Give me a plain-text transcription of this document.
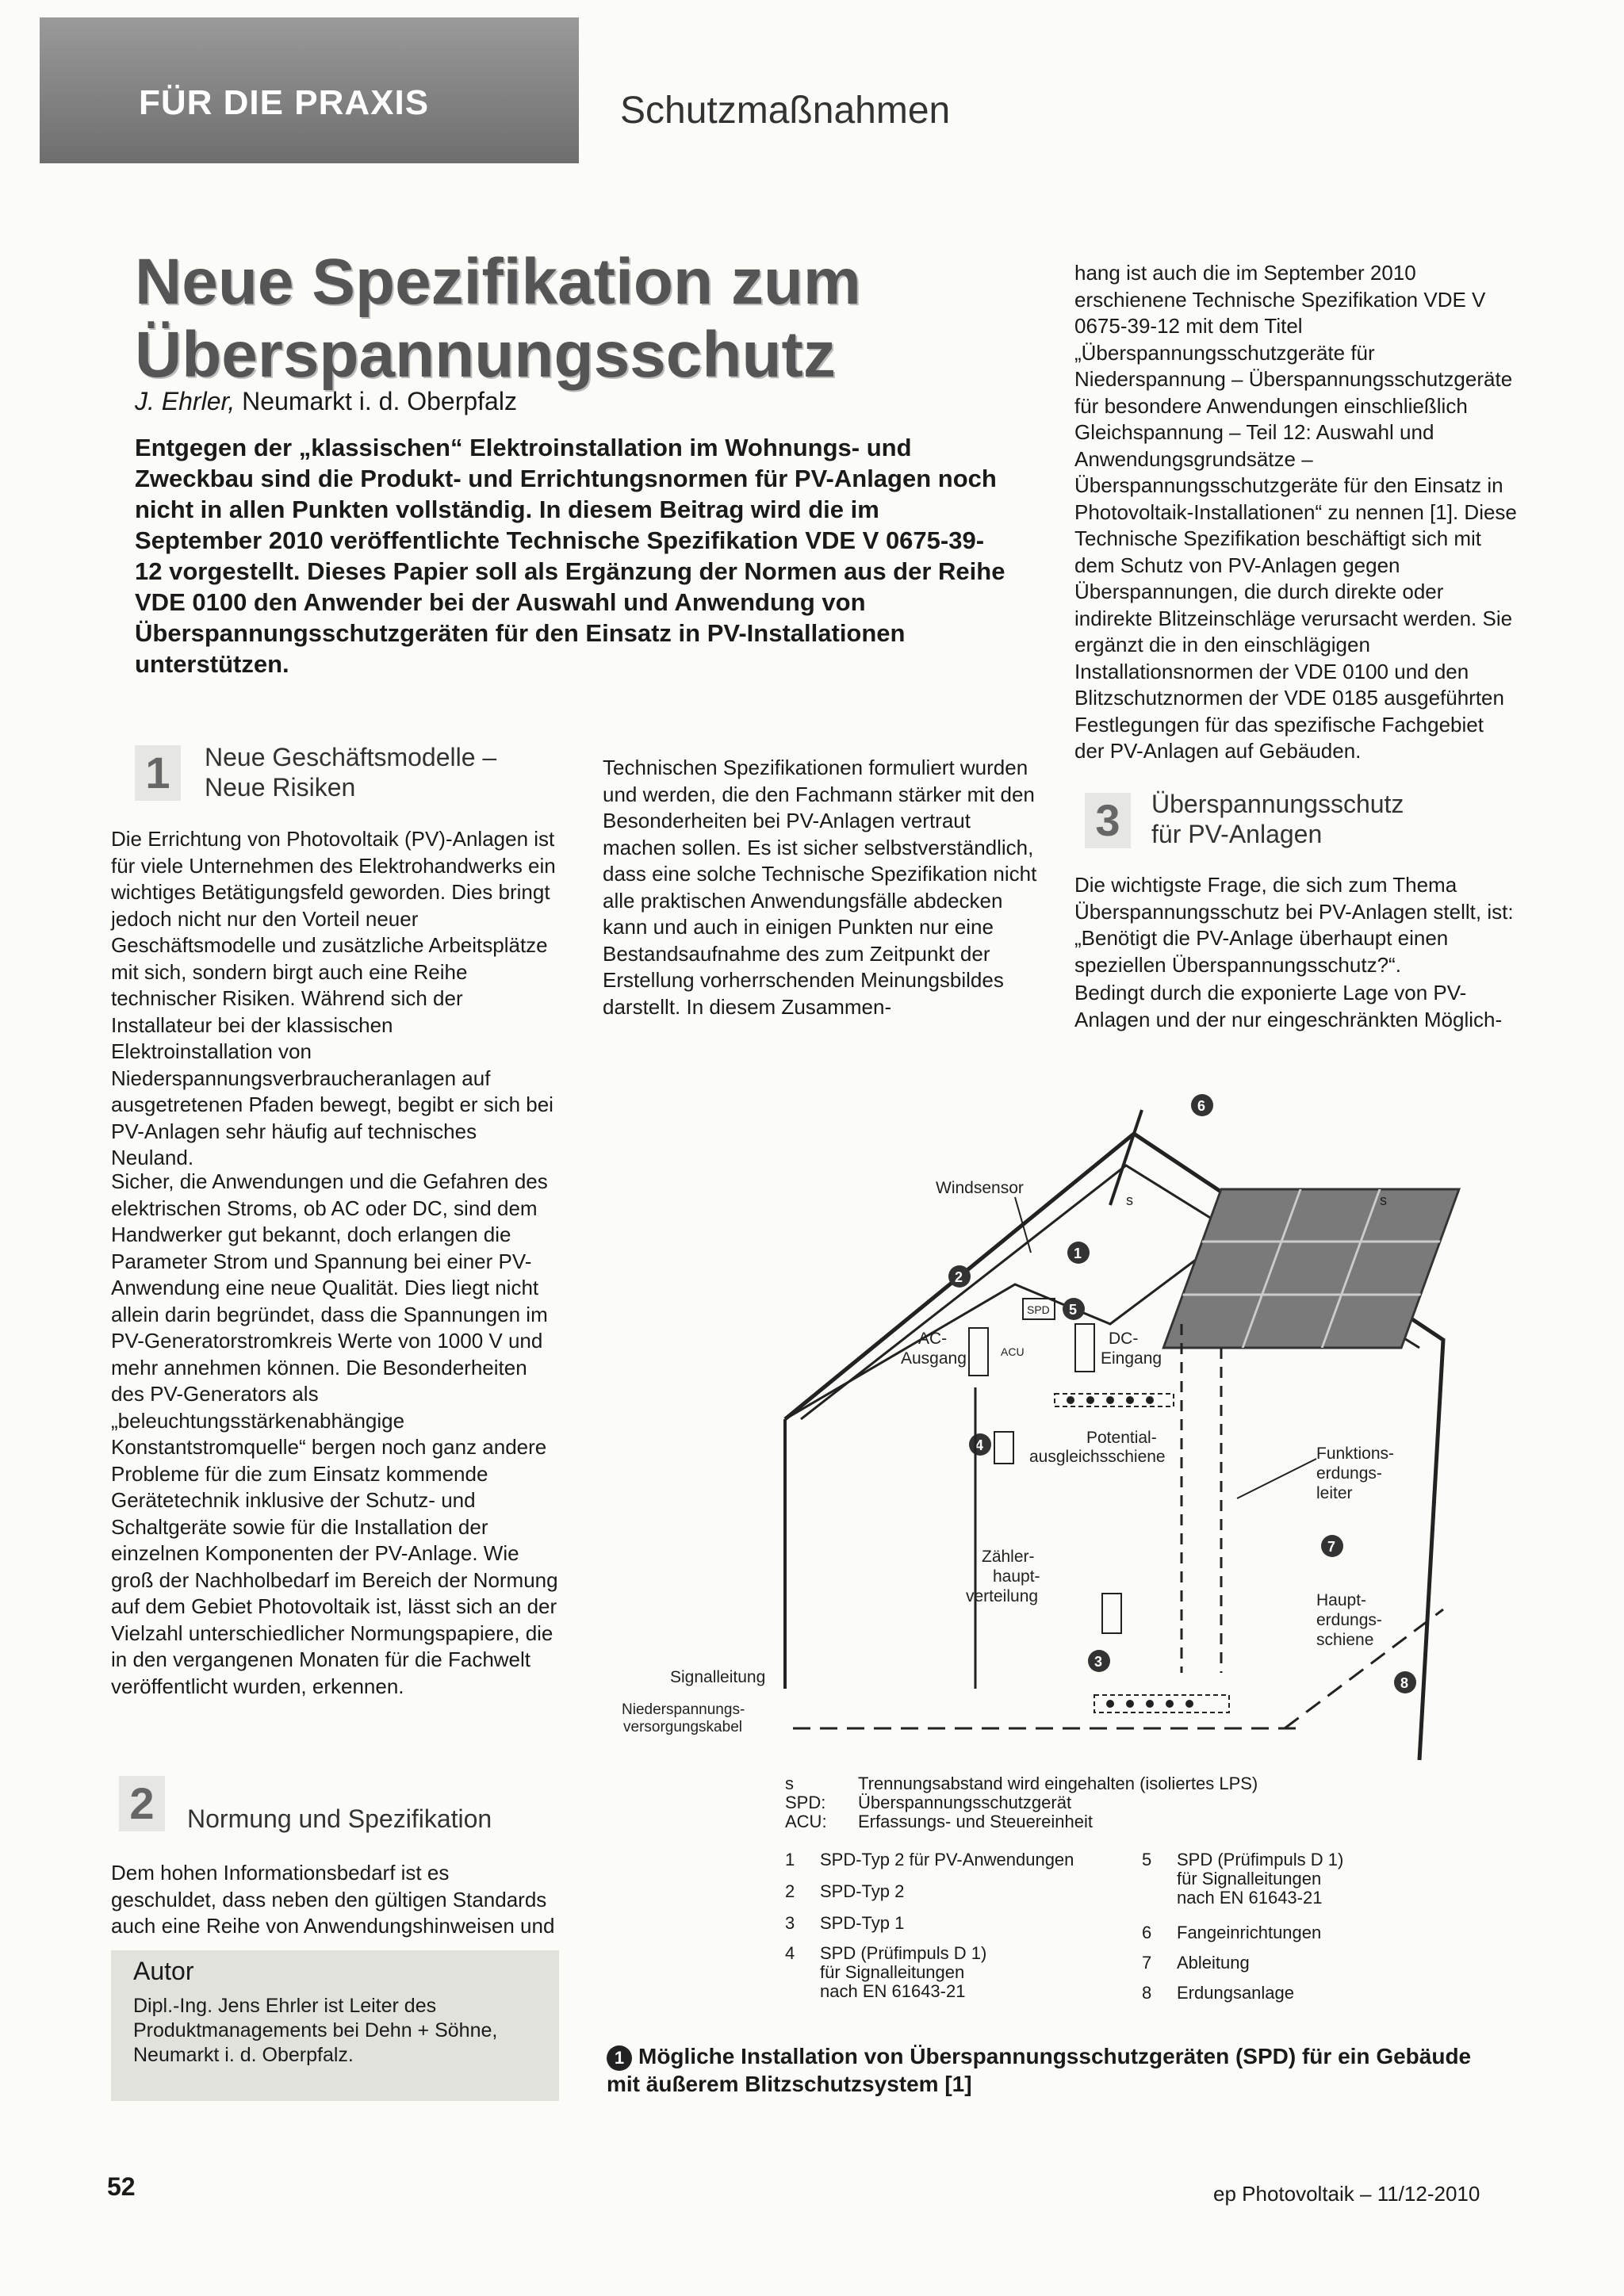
FÜR DIE PRAXIS	Schutzmaßnahmen
Neue Spezifikation zum
Überspannungsschutz
J. Ehrler, Neumarkt i. d. Oberpfalz
Entgegen der „klassischen“ Elektroinstallation im Wohnungs- und Zweckbau sind die Produkt- und Errichtungsnormen für PV-Anlagen noch nicht in allen Punkten vollständig. In diesem Beitrag wird die im September 2010 veröffentlichte Technische Spezifikation VDE V 0675-39-12 vorgestellt. Dieses Papier soll als Ergänzung der Normen aus der Reihe VDE 0100 den Anwender bei der Auswahl und Anwendung von Überspannungsschutzgeräten für den Einsatz in PV-Installationen unterstützen.
1	Neue Geschäftsmodelle –
Neue Risiken
Die Errichtung von Photovoltaik (PV)-Anlagen ist für viele Unternehmen des Elektrohandwerks ein wichtiges Betätigungsfeld geworden. Dies bringt jedoch nicht nur den Vorteil neuer Geschäftsmodelle und zusätzliche Arbeitsplätze mit sich, sondern birgt auch eine Reihe technischer Risiken. Während sich der Installateur bei der klassischen Elektroinstallation von Niederspannungsverbraucheranlagen auf ausgetretenen Pfaden bewegt, begibt er sich bei PV-Anlagen sehr häufig auf technisches Neuland.
Sicher, die Anwendungen und die Gefahren des elektrischen Stroms, ob AC oder DC, sind dem Handwerker gut bekannt, doch erlangen die Parameter Strom und Spannung bei einer PV-Anwendung eine neue Qualität. Dies liegt nicht allein darin begründet, dass die Spannungen im PV-Generatorstromkreis Werte von 1000 V und mehr annehmen können. Die Besonderheiten des PV-Generators als „beleuchtungsstärkenabhängige Konstantstromquelle“ bergen noch ganz andere Probleme für die zum Einsatz kommende Gerätetechnik inklusive der Schutz- und Schaltgeräte sowie für die Installation der einzelnen Komponenten der PV-Anlage. Wie groß der Nachholbedarf im Bereich der Normung auf dem Gebiet Photovoltaik ist, lässt sich an der Vielzahl unterschiedlicher Normungspapiere, die in den vergangenen Monaten für die Fachwelt veröffentlicht wurden, erkennen.
2	Normung und Spezifikation
Dem hohen Informationsbedarf ist es geschuldet, dass neben den gültigen Standards auch eine Reihe von Anwendungshinweisen und
Autor
Dipl.-Ing. Jens Ehrler ist Leiter des Produktmanagements bei Dehn + Söhne, Neumarkt i. d. Oberpfalz.
Technischen Spezifikationen formuliert wurden und werden, die den Fachmann stärker mit den Besonderheiten bei PV-Anlagen vertraut machen sollen. Es ist sicher selbstverständlich, dass eine solche Technische Spezifikation nicht alle praktischen Anwendungsfälle abdecken kann und auch in einigen Punkten nur eine Bestandsaufnahme des zum Zeitpunkt der Erstellung vorherrschenden Meinungsbildes darstellt. In diesem Zusammen-
hang ist auch die im September 2010 erschienene Technische Spezifikation VDE V 0675-39-12 mit dem Titel „Überspannungsschutzgeräte für Niederspannung – Überspannungsschutzgeräte für besondere Anwendungen einschließlich Gleichspannung – Teil 12: Auswahl und Anwendungsgrundsätze – Überspannungsschutzgeräte für den Einsatz in Photovoltaik-Installationen“ zu nennen [1]. Diese Technische Spezifikation beschäftigt sich mit dem Schutz von PV-Anlagen gegen Überspannungen, die durch direkte oder indirekte Blitzeinschläge verursacht werden. Sie ergänzt die in den einschlägigen Installationsnormen der VDE 0100 und den Blitzschutznormen der VDE 0185 ausgeführten Festlegungen für das spezifische Fachgebiet der PV-Anlagen auf Gebäuden.
3	Überspannungsschutz
für PV-Anlagen
Die wichtigste Frage, die sich zum Thema Überspannungsschutz bei PV-Anlagen stellt, ist: „Benötigt die PV-Anlage überhaupt einen speziellen Überspannungsschutz?“.
Bedingt durch die exponierte Lage von PV-Anlagen und der nur eingeschränkten Möglich-
6
Windsensor
s	s
1
2
SPD 5
AC-
Ausgang	ACU
DC-
Eingang
4	Potential-
ausgleichsschiene	Funktions-
erdungs-
leiter
Zähler-
haupt-
verteilung
3
7
Haupt-
erdungs-
schiene
8
Signalleitung
Niederspannungs-
versorgungskabel
s	Trennungsabstand wird eingehalten (isoliertes LPS)
SPD: Überspannungsschutzgerät
ACU: Erfassungs- und Steuereinheit
1 SPD-Typ 2 für PV-Anwendungen
2 SPD-Typ 2
3 SPD-Typ 1
4 SPD (Prüfimpuls D 1)
für Signalleitungen
nach EN 61643-21
5 SPD (Prüfimpuls D 1)
für Signalleitungen
nach EN 61643-21
6 Fangeinrichtungen
7 Ableitung
8 Erdungsanlage
1 Mögliche Installation von Überspannungsschutzgeräten (SPD) für ein Gebäude mit äußerem Blitzschutzsystem [1]
52	ep Photovoltaik – 11/12-2010
